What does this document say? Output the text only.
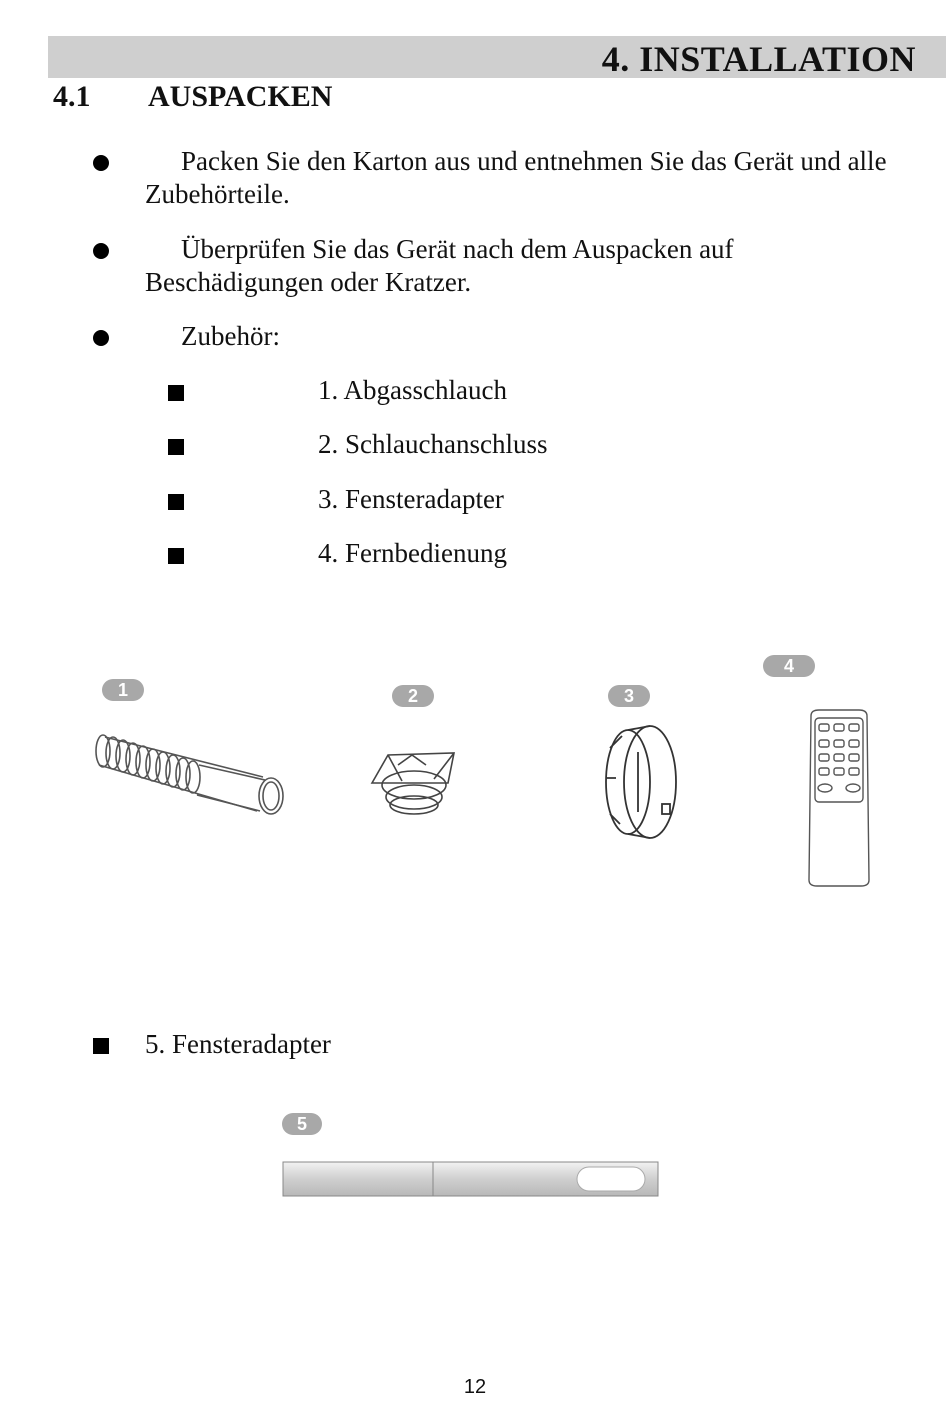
4. INSTALLATION
4.1 AUSPACKEN
Packen Sie den Karton aus und entnehmen Sie das Gerät und alle
Zubehörteile.
Überprüfen Sie das Gerät nach dem Auspacken auf
Beschädigungen oder Kratzer.
Zubehör:
1. Abgasschlauch
2. Schlauchanschluss
3. Fensteradapter
4. Fernbedienung
1	2	3
4
5. Fensteradapter
5
12
